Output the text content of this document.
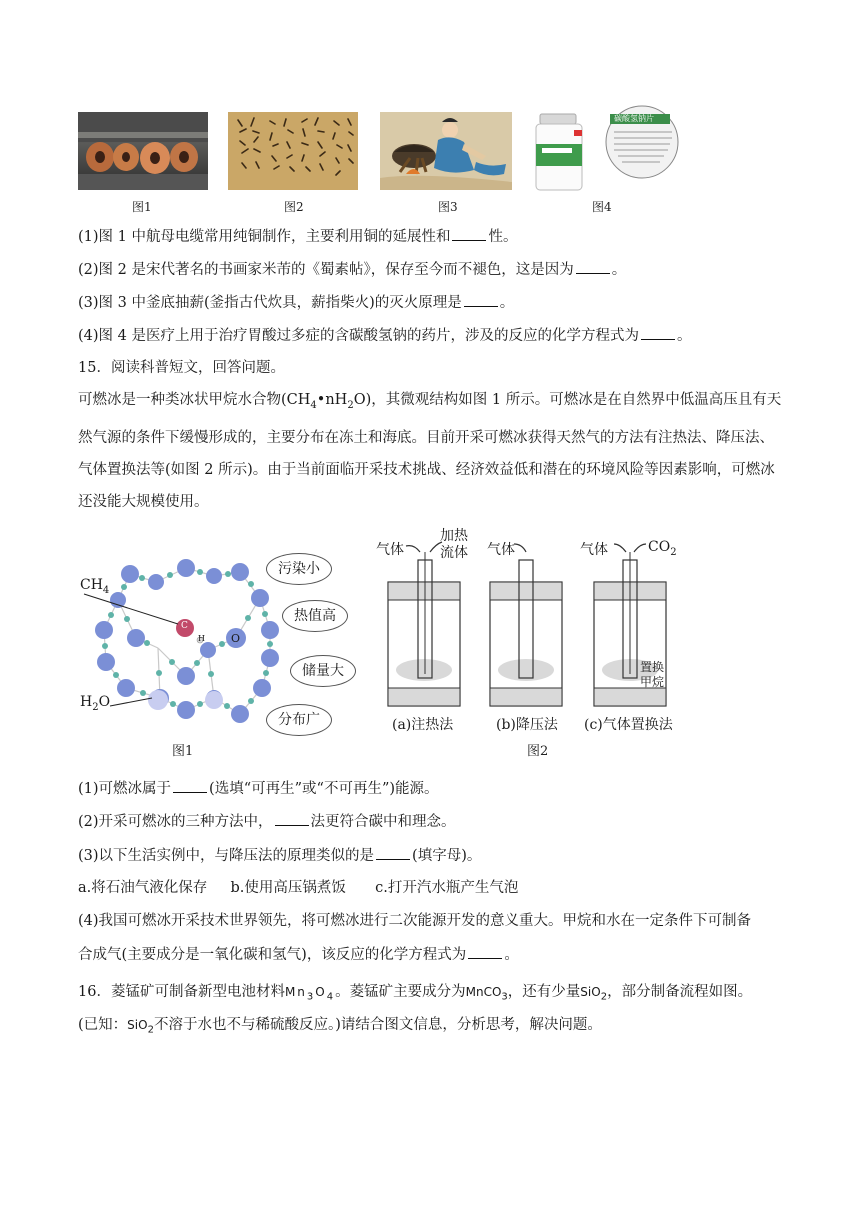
碳酸氢钠片
图1	图2	图3	图4
(1)图 1 中航母电缆常用纯铜制作，主要利用铜的延展性和	性。
(2)图 2 是宋代著名的书画家米芾的《蜀素帖》，保存至今而不褪色，这是因为	。
(3)图 3 中釜底抽薪(釜指古代炊具，薪指柴火)的灭火原理是	。
(4)图 4 是医疗上用于治疗胃酸过多症的含碳酸氢钠的药片，涉及的反应的化学方程式为	。
15．阅读科普短文，回答问题。
可燃冰是一种类冰状甲烷水合物$(CH_4•nH_2O)$，其微观结构如图 1 所示。可燃冰是在自然界中低温高压且有天然气源的条件下缓慢形成的，主要分布在冻土和海底。目前开采可燃冰获得天然气的方法有注热法、降压法、气体置换法等(如图 2 所示)。由于当前面临开采技术挑战、经济效益低和潜在的环境风险等因素影响，可燃冰还没能大规模使用。
$CH_4$
$H_2O$
C
H O
污染小
热值高
储量大
分布广
图1
气体
加热
流体 气体	气体	$CO_2$
置换
甲烷
(a)注热法	(b)降压法 (c)气体置换法
图2
(1)可燃冰属于	(选填“可再生”或“不可再生”)能源。
(2)开采可燃冰的三种方法中，	法更符合碳中和理念。
(3)以下生活实例中，与降压法的原理类似的是	(填字母)。
a.将石油气液化保存 b.使用高压锅煮饭 c.打开汽水瓶产生气泡
(4)我国可燃冰开采技术世界领先，将可燃冰进行二次能源开发的意义重大。甲烷和水在一定条件下可制备
合成气(主要成分是一氧化碳和氢气)，该反应的化学方程式为	。
16．菱锰矿可制备新型电池材料$Mn_3O_4$。菱锰矿主要成分为MnCO$_3$，还有少量SiO$_2$，部分制备流程如图。
(已知：SiO$_2$不溶于水也不与稀硫酸反应。)请结合图文信息，分析思考，解决问题。
